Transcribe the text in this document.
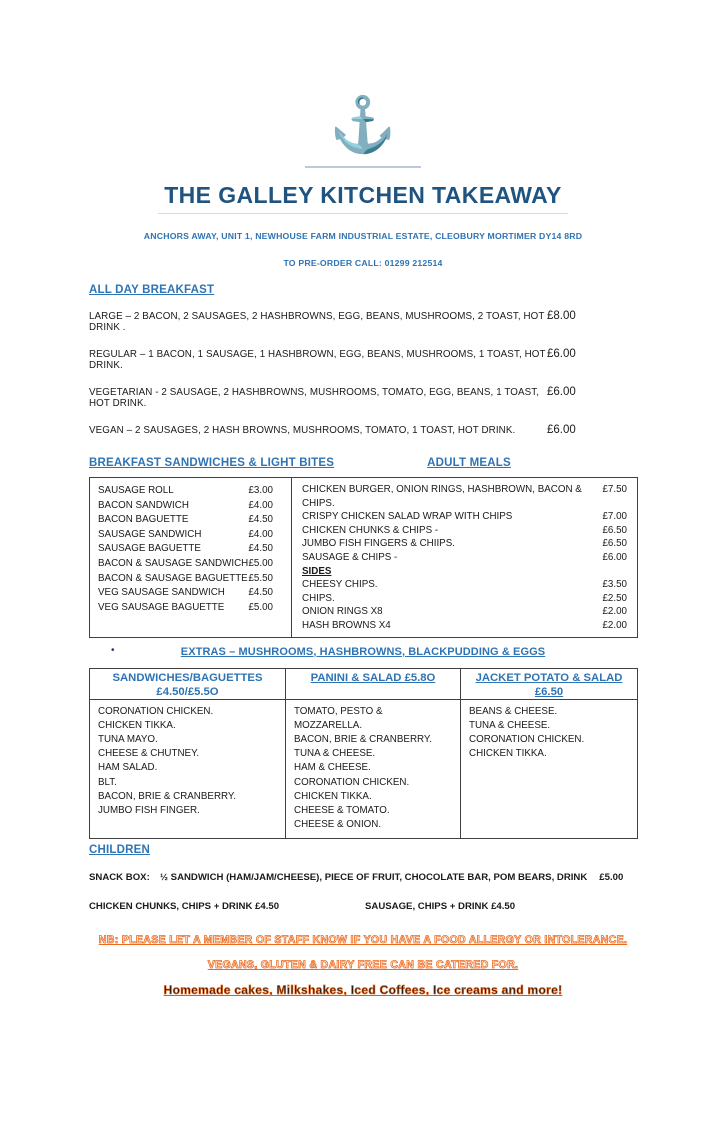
⚓
THE GALLEY KITCHEN TAKEAWAY
ANCHORS AWAY, UNIT 1, NEWHOUSE FARM INDUSTRIAL ESTATE, CLEOBURY MORTIMER DY14 8RD
TO PRE-ORDER CALL: 01299 212514
ALL DAY BREAKFAST
LARGE – 2 BACON, 2 SAUSAGES, 2 HASHBROWNS, EGG, BEANS, MUSHROOMS, 2 TOAST, HOT DRINK .
£8.00
REGULAR – 1 BACON, 1 SAUSAGE, 1 HASHBROWN, EGG, BEANS, MUSHROOMS, 1 TOAST, HOT DRINK.
£6.00
VEGETARIAN - 2 SAUSAGE, 2 HASHBROWNS, MUSHROOMS, TOMATO, EGG, BEANS, 1 TOAST, HOT DRINK.
£6.00
VEGAN – 2 SAUSAGES, 2 HASH BROWNS, MUSHROOMS, TOMATO, 1 TOAST, HOT DRINK.	£6.00
BREAKFAST SANDWICHES & LIGHT BITES	ADULT MEALS
SAUSAGE ROLL	£3.00
BACON SANDWICH	£4.00
BACON BAGUETTE	£4.50
SAUSAGE SANDWICH	£4.00
SAUSAGE BAGUETTE	£4.50
BACON & SAUSAGE SANDWICH £5.00
BACON & SAUSAGE BAGUETTE £5.50
VEG SAUSAGE SANDWICH £4.50
VEG SAUSAGE BAGUETTE £5.00
CHICKEN BURGER, ONION RINGS, HASHBROWN, BACON & CHIPS.
£7.50
CRISPY CHICKEN SALAD WRAP WITH CHIPS	£7.00
CHICKEN CHUNKS & CHIPS -	£6.50
JUMBO FISH FINGERS & CHIIPS.	£6.50
SAUSAGE & CHIPS -	£6.00
SIDES
CHEESY CHIPS.	£3.50
CHIPS.	£2.50
ONION RINGS X8	£2.00
HASH BROWNS X4	£2.00
•	EXTRAS – MUSHROOMS, HASHBROWNS, BLACKPUDDING & EGGS
SANDWICHES/BAGUETTES
£4.50/£5.5O
CORONATION CHICKEN.
CHICKEN TIKKA.
TUNA MAYO.
CHEESE & CHUTNEY.
HAM SALAD.
BLT.
BACON, BRIE & CRANBERRY.
JUMBO FISH FINGER.
PANINI & SALAD £5.8O
TOMATO, PESTO & MOZZARELLA.
BACON, BRIE & CRANBERRY.
TUNA & CHEESE.
HAM & CHEESE.
CORONATION CHICKEN.
CHICKEN TIKKA.
CHEESE & TOMATO.
CHEESE & ONION.
JACKET POTATO & SALAD
£6.50
BEANS & CHEESE.
TUNA & CHEESE.
CORONATION CHICKEN.
CHICKEN TIKKA.
CHILDREN
SNACK BOX:	½ SANDWICH (HAM/JAM/CHEESE), PIECE OF FRUIT, CHOCOLATE BAR, POM BEARS, DRINK £5.00
CHICKEN CHUNKS, CHIPS + DRINK £4.50	SAUSAGE, CHIPS + DRINK £4.50
NB: PLEASE LET A MEMBER OF STAFF KNOW IF YOU HAVE A FOOD ALLERGY OR INTOLERANCE.
VEGANS, GLUTEN & DAIRY FREE CAN BE CATERED FOR.
Homemade cakes, Milkshakes, Iced Coffees, Ice creams and more!
